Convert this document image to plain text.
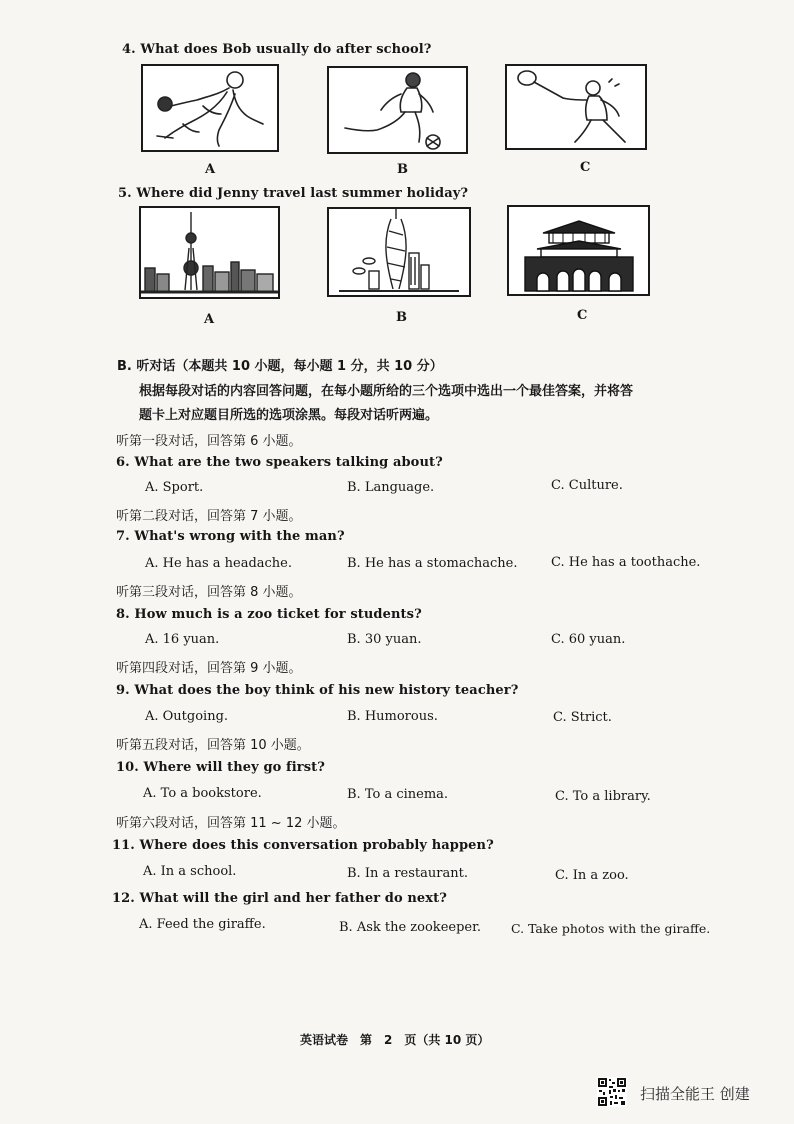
4. What does Bob usually do after school?
A	B	C
5. Where did Jenny travel last summer holiday?
A	B	C
B. 听对话（本题共 10 小题，每小题 1 分，共 10 分）
根据每段对话的内容回答问题，在每小题所给的三个选项中选出一个最佳答案，并将答
题卡上对应题目所选的选项涂黑。每段对话听两遍。
听第一段对话，回答第 6 小题。
6. What are the two speakers talking about?
A. Sport.	B. Language.	C. Culture.
听第二段对话，回答第 7 小题。
7. What's wrong with the man?
A. He has a headache.	B. He has a stomachache.	C. He has a toothache.
听第三段对话，回答第 8 小题。
8. How much is a zoo ticket for students?
A. 16 yuan.	B. 30 yuan.	C. 60 yuan.
听第四段对话，回答第 9 小题。
9. What does the boy think of his new history teacher?
A. Outgoing.	B. Humorous.	C. Strict.
听第五段对话，回答第 10 小题。
10. Where will they go first?
A. To a bookstore.	B. To a cinema.	C. To a library.
听第六段对话，回答第 11 ~ 12 小题。
11. Where does this conversation probably happen?
A. In a school.	B. In a restaurant.	C. In a zoo.
12. What will the girl and her father do next?
A. Feed the giraffe.	B. Ask the zookeeper. C. Take photos with the giraffe.
英语试卷　第　2　页（共 10 页）
扫描全能王 创建
